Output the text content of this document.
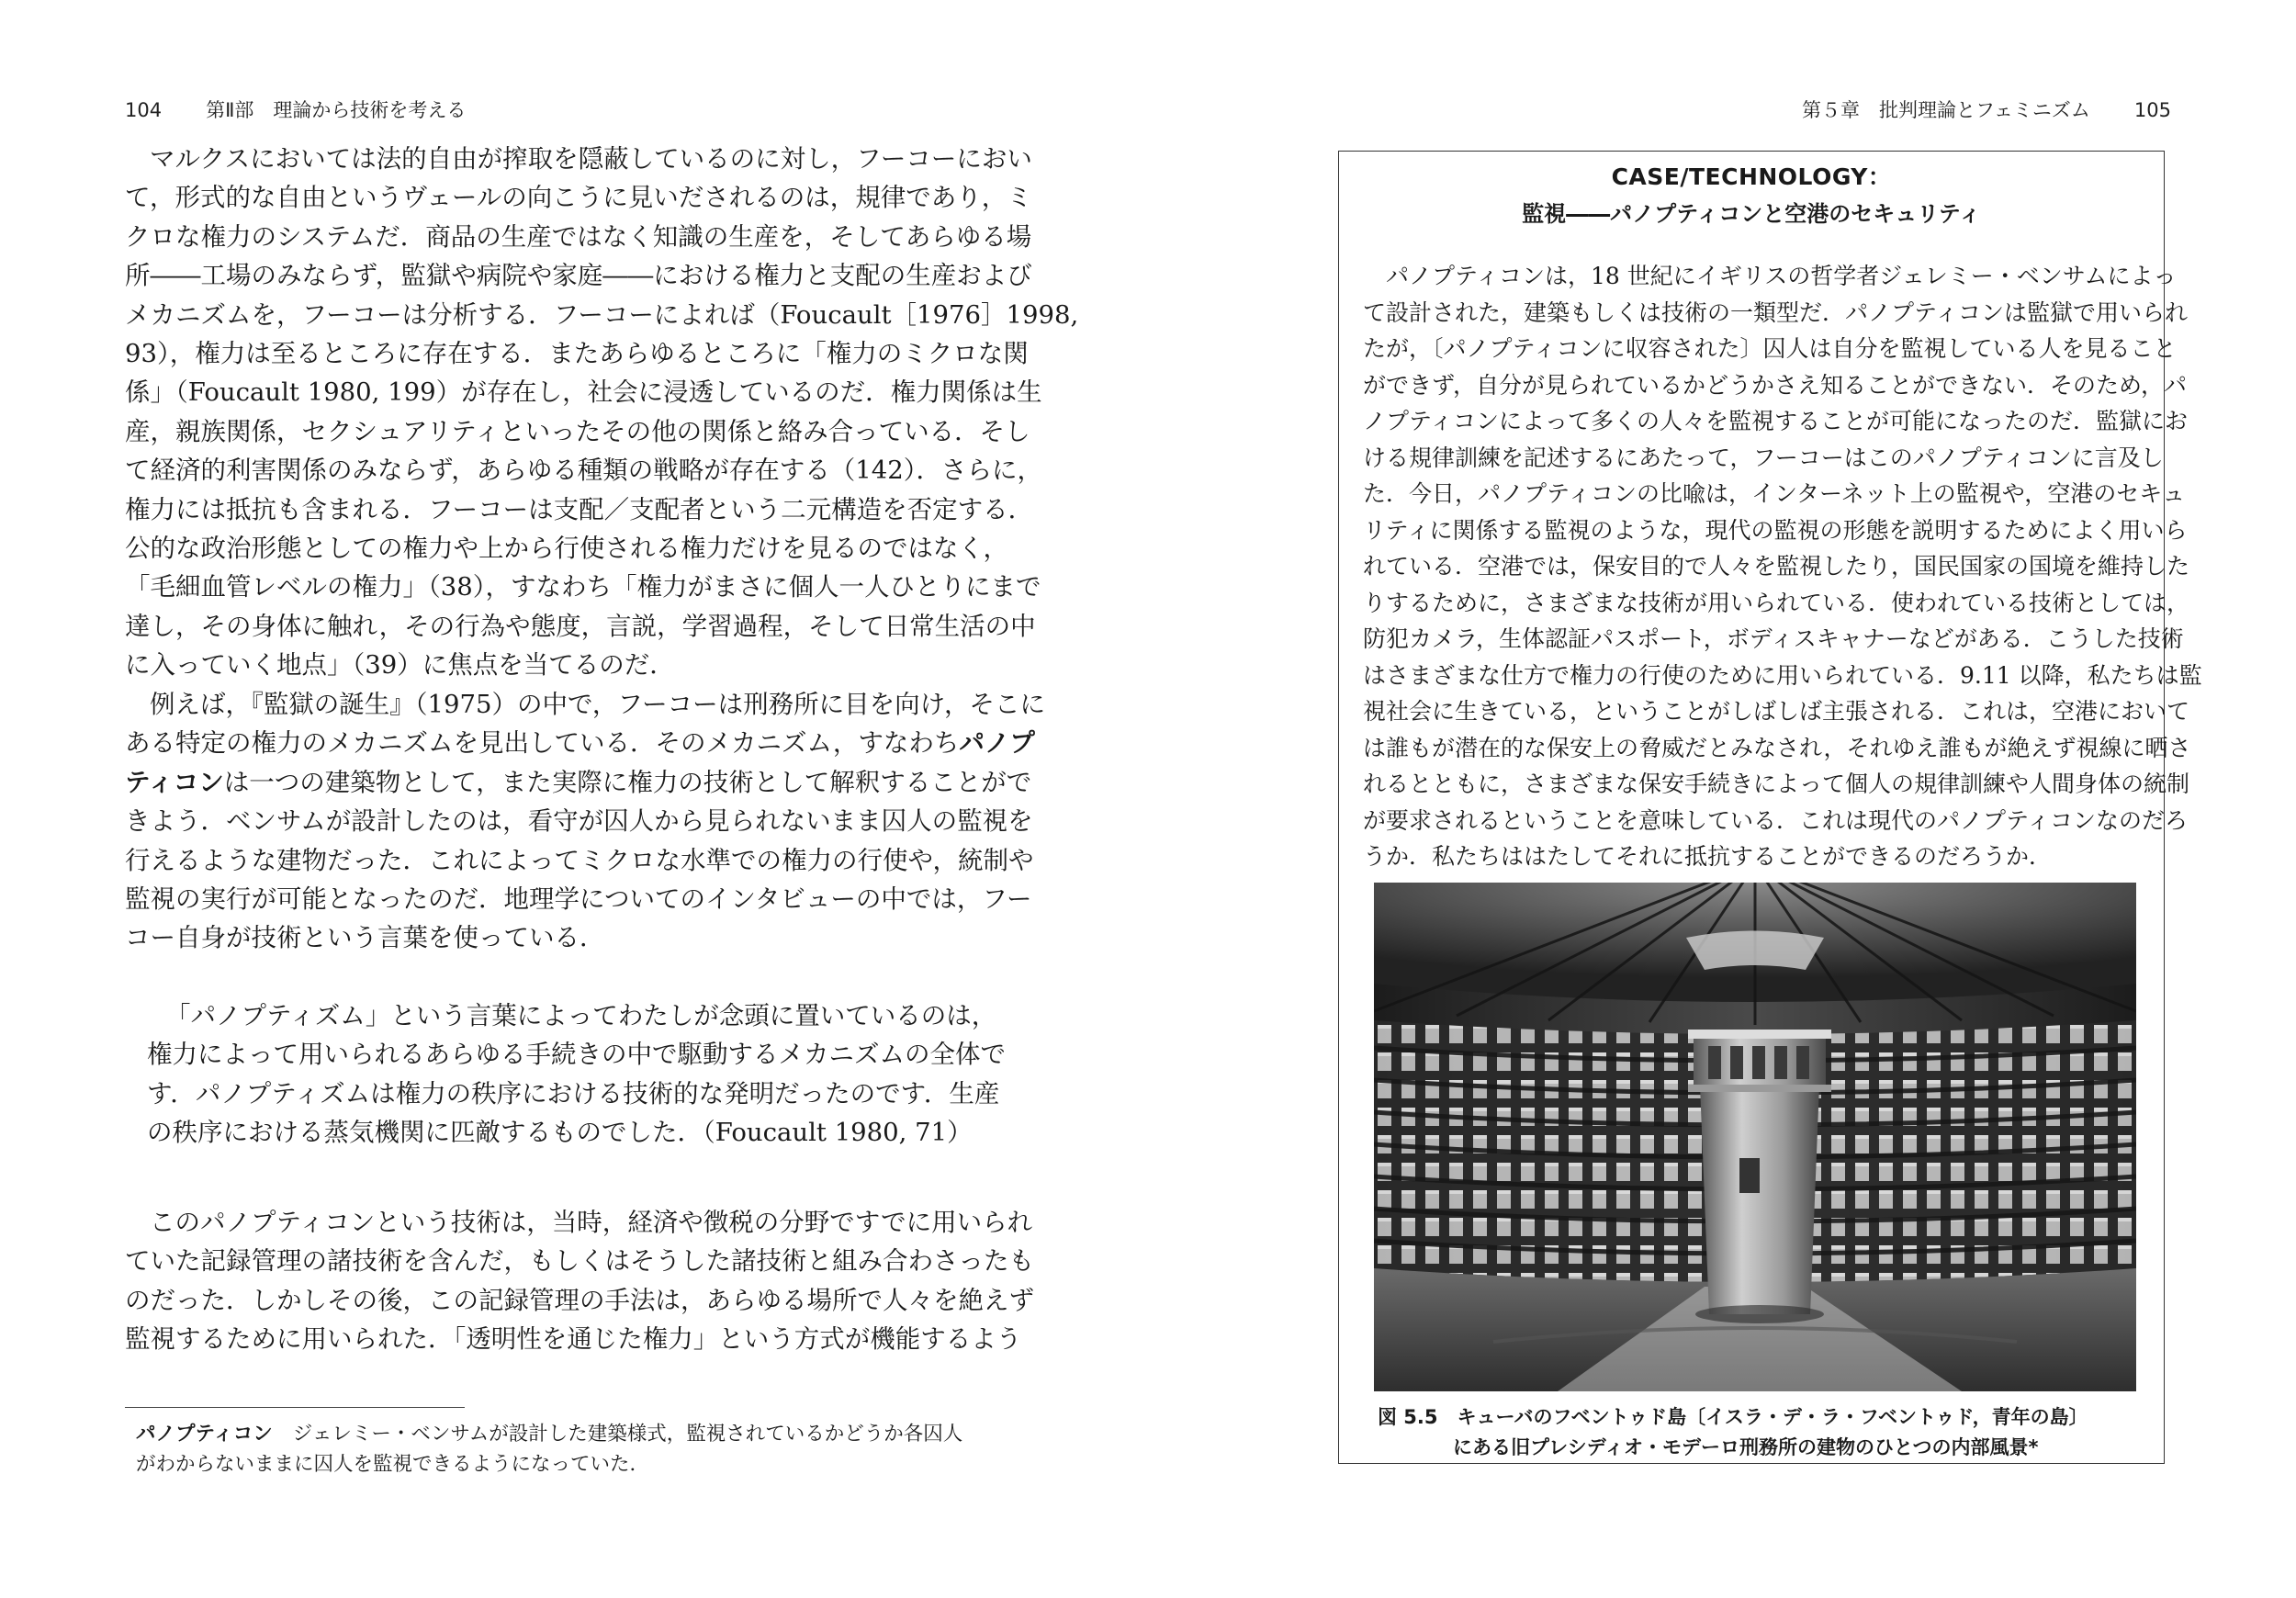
104 第Ⅱ部　理論から技術を考える
マルクスにおいては法的自由が搾取を隠蔽しているのに対し，フーコーにおい
て，形式的な自由というヴェールの向こうに見いだされるのは，規律であり，ミ
クロな権力のシステムだ．商品の生産ではなく知識の生産を，そしてあらゆる場
所――工場のみならず，監獄や病院や家庭――における権力と支配の生産および
メカニズムを，フーコーは分析する．フーコーによれば（Foucault［1976］1998,
93），権力は至るところに存在する．またあらゆるところに「権力のミクロな関
係」（Foucault 1980, 199）が存在し，社会に浸透しているのだ．権力関係は生
産，親族関係，セクシュアリティといったその他の関係と絡み合っている．そし
て経済的利害関係のみならず，あらゆる種類の戦略が存在する（142）．さらに，
権力には抵抗も含まれる．フーコーは支配／支配者という二元構造を否定する．
公的な政治形態としての権力や上から行使される権力だけを見るのではなく，
「毛細血管レベルの権力」（38），すなわち「権力がまさに個人一人ひとりにまで
達し，その身体に触れ，その行為や態度，言説，学習過程，そして日常生活の中
に入っていく地点」（39）に焦点を当てるのだ．
例えば，『監獄の誕生』（1975）の中で，フーコーは刑務所に目を向け，そこに
ある特定の権力のメカニズムを見出している．そのメカニズム，すなわちパノプ
ティコンは一つの建築物として，また実際に権力の技術として解釈することがで
きよう．ベンサムが設計したのは，看守が囚人から見られないまま囚人の監視を
行えるような建物だった．これによってミクロな水準での権力の行使や，統制や
監視の実行が可能となったのだ．地理学についてのインタビューの中では，フー
コー自身が技術という言葉を使っている．
「パノプティズム」という言葉によってわたしが念頭に置いているのは，
権力によって用いられるあらゆる手続きの中で駆動するメカニズムの全体で
す．パノプティズムは権力の秩序における技術的な発明だったのです．生産
の秩序における蒸気機関に匹敵するものでした．（Foucault 1980, 71）
このパノプティコンという技術は，当時，経済や徴税の分野ですでに用いられ
ていた記録管理の諸技術を含んだ，もしくはそうした諸技術と組み合わさったも
のだった．しかしその後，この記録管理の手法は，あらゆる場所で人々を絶えず
監視するために用いられた．「透明性を通じた権力」という方式が機能するよう
パノプティコン ジェレミー・ベンサムが設計した建築様式，監視されているかどうか各囚人
がわからないままに囚人を監視できるようになっていた．
第５章　批判理論とフェミニズム 105
CASE/TECHNOLOGY：
監視――パノプティコンと空港のセキュリティ
パノプティコンは，18 世紀にイギリスの哲学者ジェレミー・ベンサムによっ
て設計された，建築もしくは技術の一類型だ．パノプティコンは監獄で用いられ
たが，〔パノプティコンに収容された〕囚人は自分を監視している人を見ること
ができず，自分が見られているかどうかさえ知ることができない．そのため，パ
ノプティコンによって多くの人々を監視することが可能になったのだ．監獄にお
ける規律訓練を記述するにあたって，フーコーはこのパノプティコンに言及し
た．今日，パノプティコンの比喩は，インターネット上の監視や，空港のセキュ
リティに関係する監視のような，現代の監視の形態を説明するためによく用いら
れている．空港では，保安目的で人々を監視したり，国民国家の国境を維持した
りするために，さまざまな技術が用いられている．使われている技術としては，
防犯カメラ，生体認証パスポート，ボディスキャナーなどがある．こうした技術
はさまざまな仕方で権力の行使のために用いられている．9.11 以降，私たちは監
視社会に生きている，ということがしばしば主張される．これは，空港において
は誰もが潜在的な保安上の脅威だとみなされ，それゆえ誰もが絶えず視線に晒さ
れるとともに，さまざまな保安手続きによって個人の規律訓練や人間身体の統制
が要求されるということを意味している．これは現代のパノプティコンなのだろ
うか．私たちははたしてそれに抵抗することができるのだろうか．
図 5.5　キューバのフベントゥド島〔イスラ・デ・ラ・フベントゥド，青年の島〕
にある旧プレシディオ・モデーロ刑務所の建物のひとつの内部風景*
